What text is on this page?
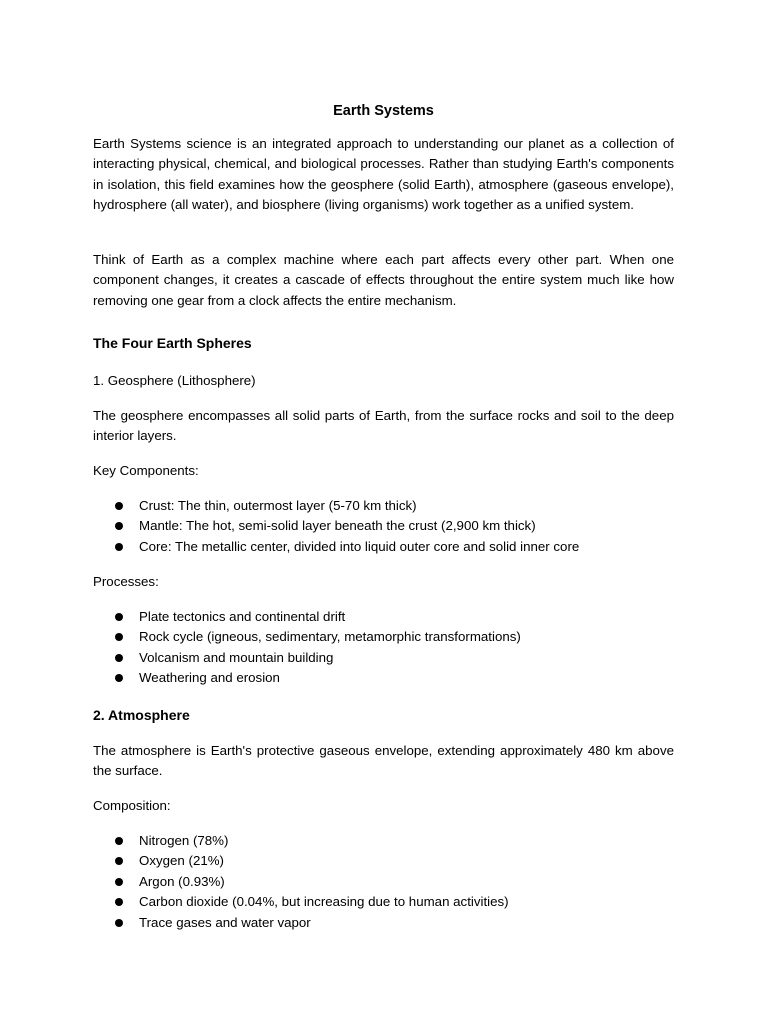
Earth Systems

Earth Systems science is an integrated approach to understanding our planet as a collection of interacting physical, chemical, and biological processes. Rather than studying Earth's components in isolation, this field examines how the geosphere (solid Earth), atmosphere (gaseous envelope), hydrosphere (all water), and biosphere (living organisms) work together as a unified system.

Think of Earth as a complex machine where each part affects every other part. When one component changes, it creates a cascade of effects throughout the entire system much like how removing one gear from a clock affects the entire mechanism.

The Four Earth Spheres

1. Geosphere (Lithosphere)

The geosphere encompasses all solid parts of Earth, from the surface rocks and soil to the deep interior layers.

Key Components:

Crust: The thin, outermost layer (5-70 km thick)
Mantle: The hot, semi-solid layer beneath the crust (2,900 km thick)
Core: The metallic center, divided into liquid outer core and solid inner core

Processes:

Plate tectonics and continental drift
Rock cycle (igneous, sedimentary, metamorphic transformations)
Volcanism and mountain building
Weathering and erosion
2. Atmosphere

The atmosphere is Earth's protective gaseous envelope, extending approximately 480 km above the surface.

Composition:

Nitrogen (78%)
Oxygen (21%)
Argon (0.93%)
Carbon dioxide (0.04%, but increasing due to human activities)
Trace gases and water vapor
